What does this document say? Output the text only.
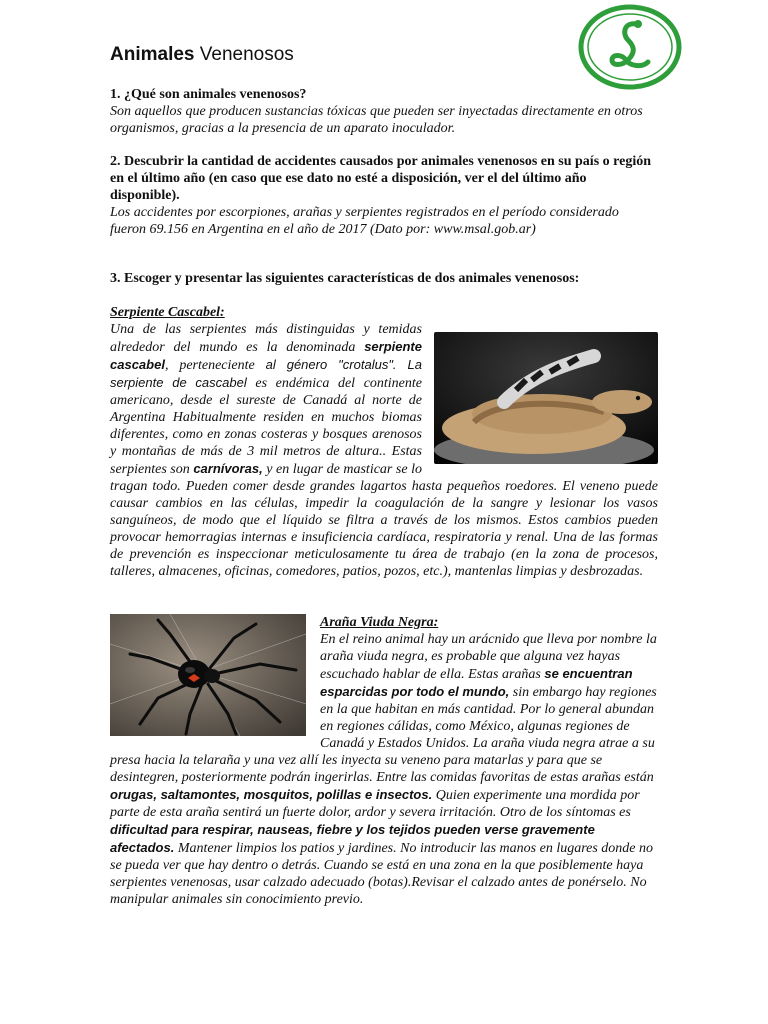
Animales Venenosos

1. ¿Qué son animales venenosos?

Son aquellos que producen sustancias tóxicas que pueden ser inyectadas directamente en otros organismos, gracias a la presencia de un aparato inoculador.

2. Descubrir la cantidad de accidentes causados por animales venenosos en su país o región en el último año (en caso que ese dato no esté a disposición, ver el del último año disponible).

Los accidentes por escorpiones, arañas y serpientes registrados en el período considerado fueron 69.156 en Argentina en el año de 2017 (Dato por: www.msal.gob.ar)

3. Escoger y presentar las siguientes características de dos animales venenosos:

Serpiente Cascabel:
Una de las serpientes más distinguidas y temidas alrededor del mundo es la denominada serpiente cascabel, perteneciente al género "crotalus". La serpiente de cascabel es endémica del continente americano, desde el sureste de Canadá al norte de Argentina Habitualmente residen en muchos biomas diferentes, como en zonas costeras y bosques arenosos y montañas de más de 3 mil metros de altura.. Estas serpientes son carnívoras, y en lugar de masticar se lo tragan todo. Pueden comer desde grandes lagartos hasta pequeños roedores. El veneno puede causar cambios en las células, impedir la coagulación de la sangre y lesionar los vasos sanguíneos, de modo que el líquido se filtra a través de los mismos. Estos cambios pueden provocar hemorragias internas e insuficiencia cardíaca, respiratoria y renal. Una de las formas de prevención es inspeccionar meticulosamente tu área de trabajo (en la zona de procesos, talleres, almacenes, oficinas, comedores, patios, pozos, etc.), mantenlas limpias y desbrozadas.
Araña Viuda Negra:
En el reino animal hay un arácnido que lleva por nombre la araña viuda negra, es probable que alguna vez hayas escuchado hablar de ella. Estas arañas se encuentran esparcidas por todo el mundo, sin embargo hay regiones en la que habitan en más cantidad. Por lo general abundan en regiones cálidas, como México, algunas regiones de Canadá y Estados Unidos. La araña viuda negra atrae a su presa hacia la telaraña y una vez allí les inyecta su veneno para matarlas y para que se desintegren, posteriormente podrán ingerirlas. Entre las comidas favoritas de estas arañas están orugas, saltamontes, mosquitos, polillas e insectos. Quien experimente una mordida por parte de esta araña sentirá un fuerte dolor, ardor y severa irritación. Otro de los síntomas es dificultad para respirar, nauseas, fiebre y los tejidos pueden verse gravemente afectados. Mantener limpios los patios y jardines. No introducir las manos en lugares donde no se pueda ver que hay dentro o detrás. Cuando se está en una zona en la que posiblemente haya serpientes venenosas, usar calzado adecuado (botas).Revisar el calzado antes de ponérselo. No manipular animales sin conocimiento previo.
